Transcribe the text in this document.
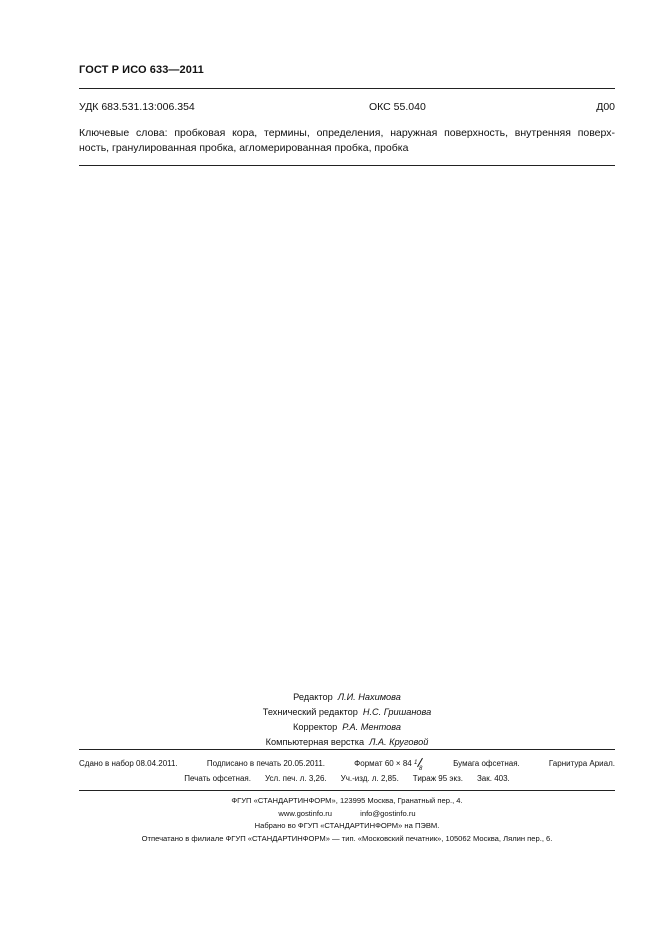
ГОСТ Р ИСО 633—2011
УДК 683.531.13:006.354	ОКС 55.040	Д00
Ключевые слова: пробковая кора, термины, определения, наружная поверхность, внутренняя поверх-
ность, гранулированная пробка, агломерированная пробка, пробка
Редактор Л.И. Нахимова
Технический редактор Н.С. Гришанова
Корректор Р.А. Ментова
Компьютерная верстка Л.А. Круговой
Сдано в набор 08.04.2011.	Подписано в печать 20.05.2011.	Формат 60 × 84 1
8
Бумага офсетная.	Гарнитура Ариал.
Печать офсетная. Усл. печ. л. 3,26. Уч.-изд. л. 2,85. Тираж 95 экз. Зак. 403.
ФГУП «СТАНДАРТИНФОРМ», 123995 Москва, Гранатный пер., 4.
www.gostinfo.ru	info@gostinfo.ru
Набрано во ФГУП «СТАНДАРТИНФОРМ» на ПЭВМ.
Отпечатано в филиале ФГУП «СТАНДАРТИНФОРМ» — тип. «Московский печатник», 105062 Москва, Лялин пер., 6.
